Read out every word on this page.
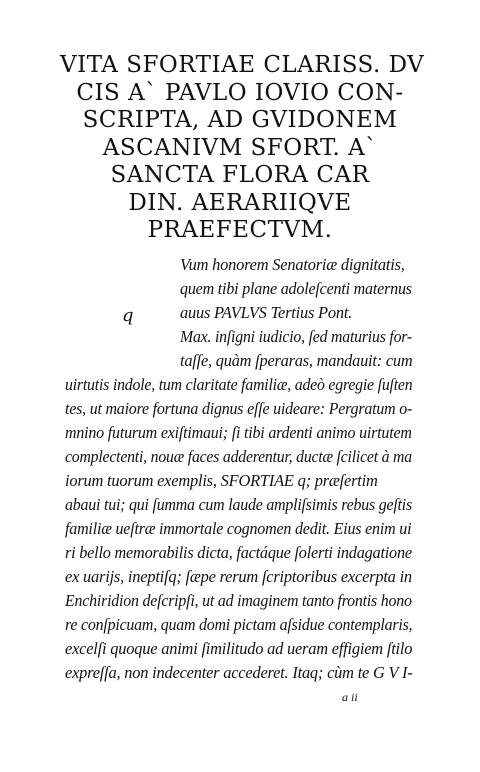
VITA SFORTIAE CLARISS. DV
CIS A` PAVLO IOVIO CON-
SCRIPTA, AD GVIDONEM
ASCANIVM SFORT. A`
SANCTA FLORA CAR
DIN. AERARIIQVE
PRAEFECTVM.
q
Vum honorem Senatoriæ dignitatis,
quem tibi plane adoleſcenti maternus
auus PAVLVS Tertius Pont.
Max. inſigni iudicio, ſed maturius for-
taſſe, quàm ſperaras, mandauit: cum
uirtutis indole, tum claritate familiæ, adeò egregie ſuſten
tes, ut maiore fortuna dignus eſſe uideare: Pergratum o-
mnino futurum exiſtimaui; ſi tibi ardenti animo uirtutem
complectenti, nouæ faces adderentur, ductæ ſcilicet à ma
iorum tuorum exemplis, SFORTIAE q; præſertim
abaui tui; qui ſumma cum laude ampliſsimis rebus geſtis
familiæ ueſtræ immortale cognomen dedit. Eius enim ui
ri bello memorabilis dicta, factáque ſolerti indagatione
ex uarijs, ineptiſq; ſæpe rerum ſcriptoribus excerpta in
Enchiridion deſcripſi, ut ad imaginem tanto frontis hono
re conſpicuam, quam domi pictam aſsidue contemplaris,
excelſi quoque animi ſimilitudo ad ueram effigiem ſtilo
expreſſa, non indecenter accederet. Itaq; cùm te G V I-
a ii
